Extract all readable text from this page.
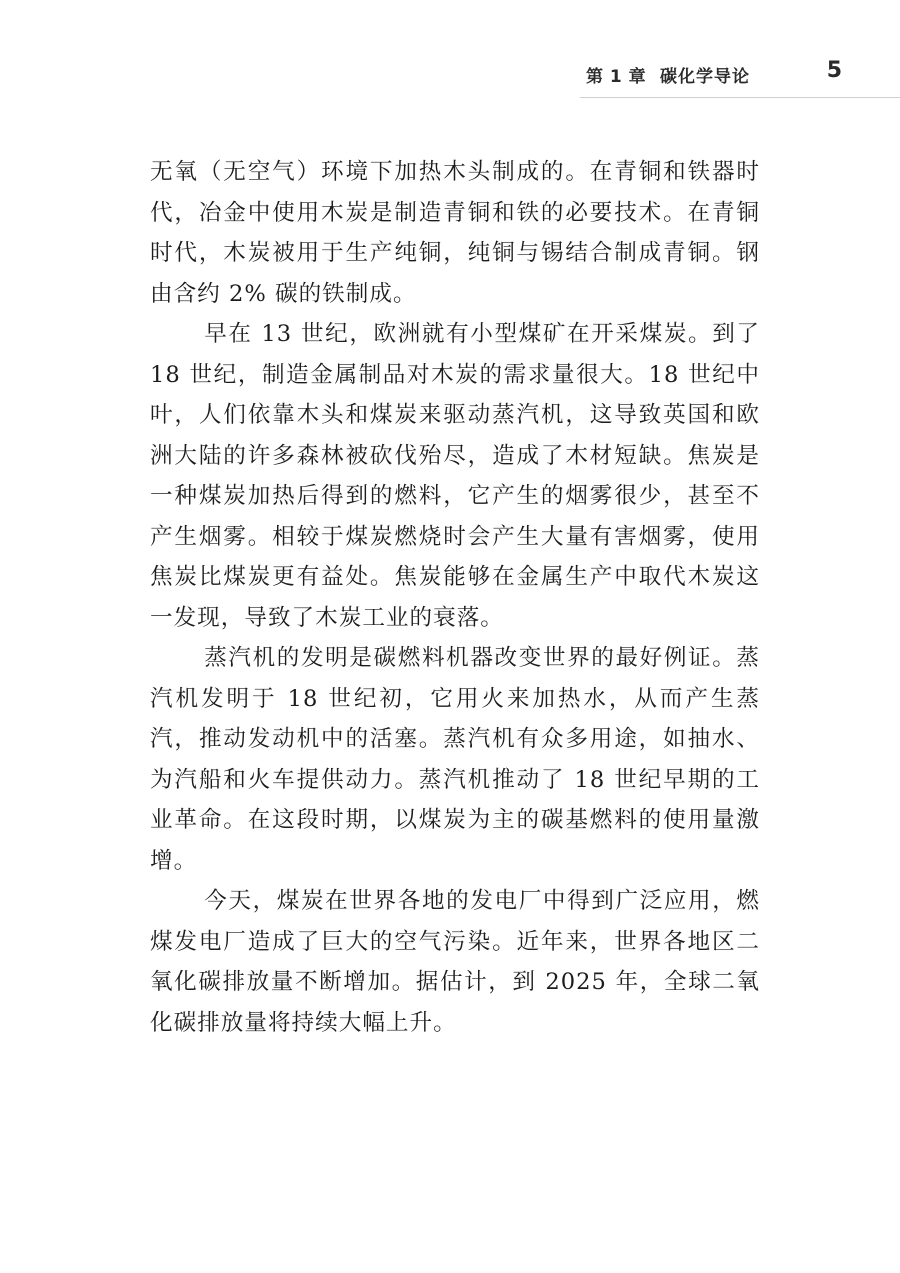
第 1 章 碳化学导论	5

无氧（无空气）环境下加热木头制成的。在青铜和铁器时代，冶金中使用木炭是制造青铜和铁的必要技术。在青铜时代，木炭被用于生产纯铜，纯铜与锡结合制成青铜。钢由含约 2% 碳的铁制成。

早在 13 世纪，欧洲就有小型煤矿在开采煤炭。到了 18 世纪，制造金属制品对木炭的需求量很大。18 世纪中叶，人们依靠木头和煤炭来驱动蒸汽机，这导致英国和欧洲大陆的许多森林被砍伐殆尽，造成了木材短缺。焦炭是一种煤炭加热后得到的燃料，它产生的烟雾很少，甚至不产生烟雾。相较于煤炭燃烧时会产生大量有害烟雾，使用焦炭比煤炭更有益处。焦炭能够在金属生产中取代木炭这一发现，导致了木炭工业的衰落。

蒸汽机的发明是碳燃料机器改变世界的最好例证。蒸汽机发明于 18 世纪初，它用火来加热水，从而产生蒸汽，推动发动机中的活塞。蒸汽机有众多用途，如抽水、为汽船和火车提供动力。蒸汽机推动了 18 世纪早期的工业革命。在这段时期，以煤炭为主的碳基燃料的使用量激增。

今天，煤炭在世界各地的发电厂中得到广泛应用，燃煤发电厂造成了巨大的空气污染。近年来，世界各地区二氧化碳排放量不断增加。据估计，到 2025 年，全球二氧化碳排放量将持续大幅上升。
